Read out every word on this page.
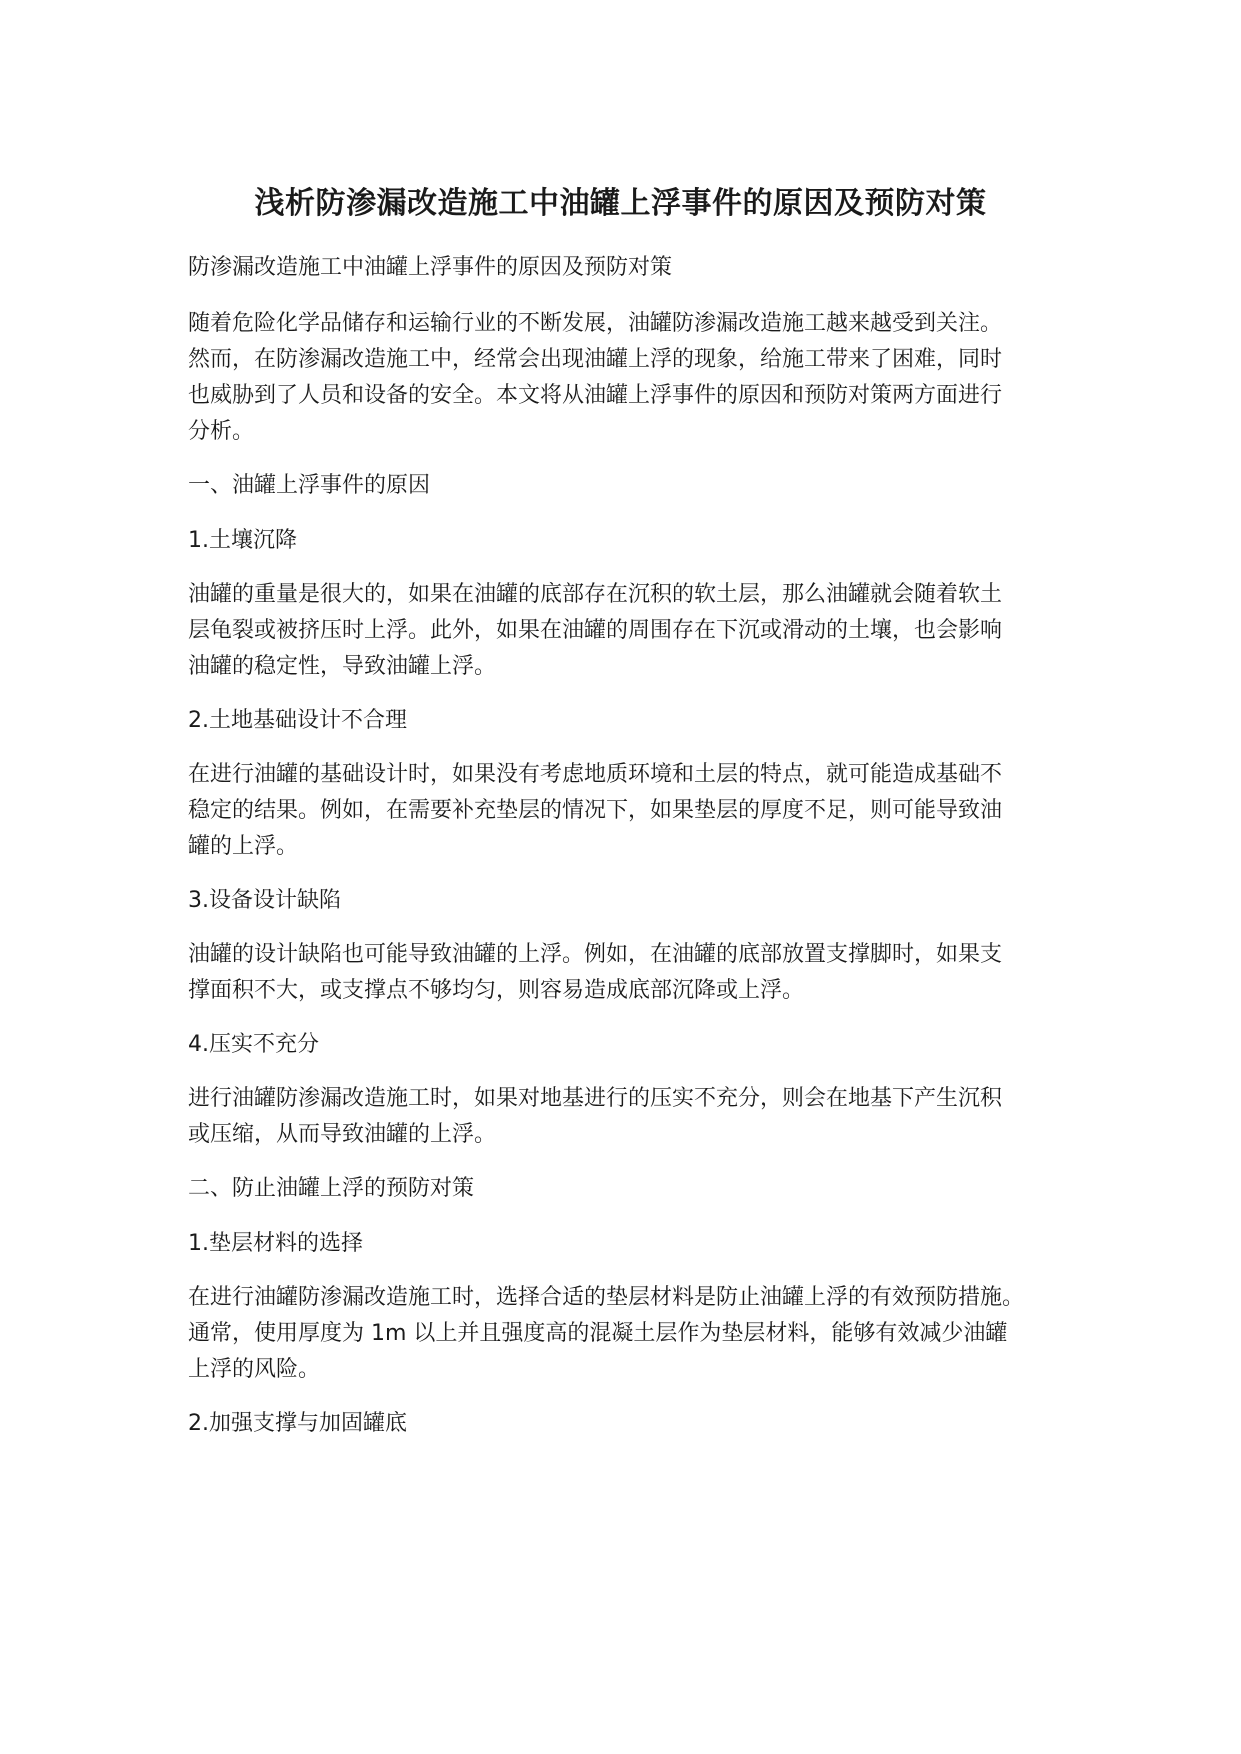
浅析防渗漏改造施工中油罐上浮事件的原因及预防对策

防渗漏改造施工中油罐上浮事件的原因及预防对策

随着危险化学品储存和运输行业的不断发展，油罐防渗漏改造施工越来越受到关注。

然而，在防渗漏改造施工中，经常会出现油罐上浮的现象，给施工带来了困难，同时

也威胁到了人员和设备的安全。本文将从油罐上浮事件的原因和预防对策两方面进行

分析。

一、油罐上浮事件的原因

1.土壤沉降

油罐的重量是很大的，如果在油罐的底部存在沉积的软土层，那么油罐就会随着软土

层龟裂或被挤压时上浮。此外，如果在油罐的周围存在下沉或滑动的土壤，也会影响

油罐的稳定性，导致油罐上浮。

2.土地基础设计不合理

在进行油罐的基础设计时，如果没有考虑地质环境和土层的特点，就可能造成基础不

稳定的结果。例如，在需要补充垫层的情况下，如果垫层的厚度不足，则可能导致油

罐的上浮。

3.设备设计缺陷

油罐的设计缺陷也可能导致油罐的上浮。例如，在油罐的底部放置支撑脚时，如果支

撑面积不大，或支撑点不够均匀，则容易造成底部沉降或上浮。

4.压实不充分

进行油罐防渗漏改造施工时，如果对地基进行的压实不充分，则会在地基下产生沉积

或压缩，从而导致油罐的上浮。

二、防止油罐上浮的预防对策

1.垫层材料的选择

在进行油罐防渗漏改造施工时，选择合适的垫层材料是防止油罐上浮的有效预防措施。

通常，使用厚度为 1m 以上并且强度高的混凝土层作为垫层材料，能够有效减少油罐

上浮的风险。

2.加强支撑与加固罐底
